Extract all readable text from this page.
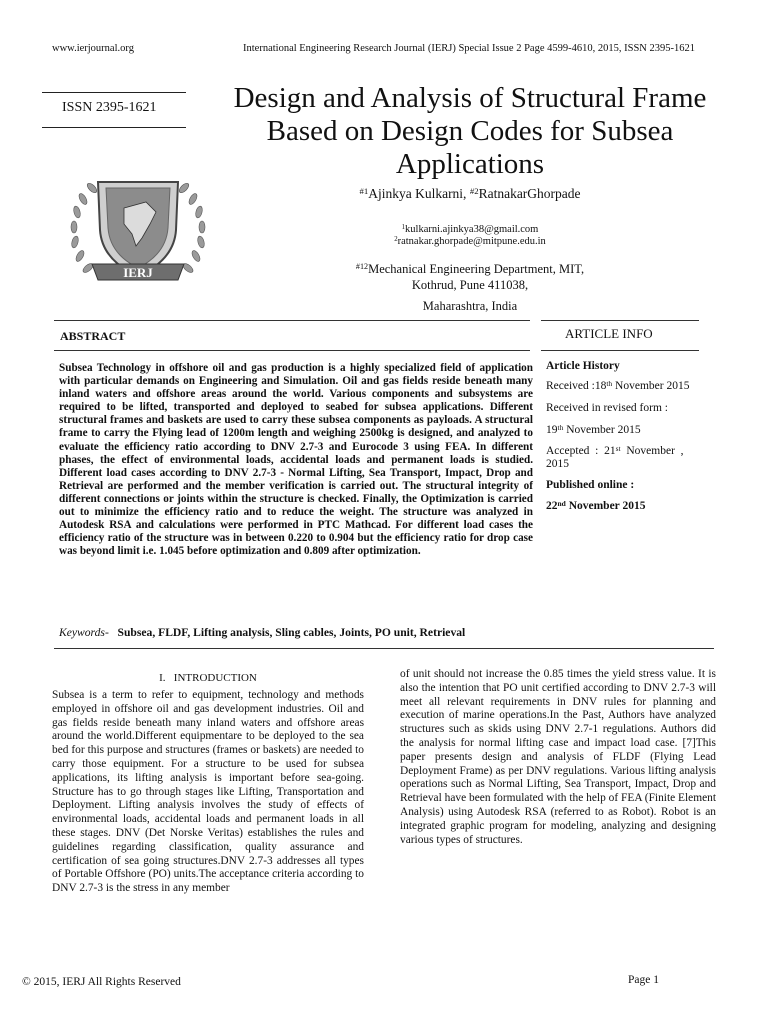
www.ierjournal.org	International Engineering Research Journal (IERJ) Special Issue 2 Page 4599-4610, 2015, ISSN 2395-1621
ISSN 2395-1621
IERJ
Design and Analysis of Structural Frame Based on Design Codes for Subsea Applications
$^{\#1}$Ajinkya Kulkarni, $^{\#2}$RatnakarGhorpade
$^1$kulkarni.ajinkya38@gmail.com
$^2$ratnakar.ghorpade@mitpune.edu.in
$^{\#12}$Mechanical Engineering Department, MIT,
Kothrud, Pune 411038,
Maharashtra, India
ABSTRACT	ARTICLE INFO
Subsea Technology in offshore oil and gas production is a highly specialized field of application with particular demands on Engineering and Simulation. Oil and gas fields reside beneath many inland waters and offshore areas around the world. Various components and subsystems are required to be lifted, transported and deployed to seabed for subsea applications. Different structural frames and baskets are used to carry these subsea components as payloads. A structural frame to carry the Flying lead of 1200m length and weighing 2500kg is designed, and analyzed to evaluate the efficiency ratio according to DNV 2.7-3 and Eurocode 3 using FEA. In different phases, the effect of environmental loads, accidental loads and permanent loads is studied. Different load cases according to DNV 2.7-3 - Normal Lifting, Sea Transport, Impact, Drop and Retrieval are performed and the member verification is carried out. The structural integrity of different connections or joints within the structure is checked. Finally, the Optimization is carried out to minimize the efficiency ratio and to reduce the weight. The structure was analyzed in Autodesk RSA and calculations were performed in PTC Mathcad. For different load cases the efficiency ratio of the structure was in between 0.220 to 0.904 but the efficiency ratio for drop case was beyond limit i.e. 1.045 before optimization and 0.809 after optimization.
Article History
Received :18th November 2015
Received in revised form :
19th November 2015
Accepted  :  21st  November  ,
2015
Published online :
22nd November 2015
Keywords- Subsea, FLDF, Lifting analysis, Sling cables, Joints, PO unit, Retrieval
I. INTRODUCTION
Subsea is a term to refer to equipment, technology and methods employed in offshore oil and gas development industries. Oil and gas fields reside beneath many inland waters and offshore areas around the world.Different equipmentare to be deployed to the sea bed for this purpose and structures (frames or baskets) are needed to carry those equipment. For a structure to be used for subsea applications, its lifting analysis is important before sea-going. Structure has to go through stages like Lifting, Transportation and Deployment. Lifting analysis involves the study of effects of environmental loads, accidental loads and permanent loads in all these stages. DNV (Det Norske Veritas) establishes the rules and guidelines regarding classification, quality assurance and certification of sea going structures.DNV 2.7-3 addresses all types of Portable Offshore (PO) units.The acceptance criteria according to DNV 2.7-3 is the stress in any member
of unit should not increase the 0.85 times the yield stress value. It is also the intention that PO unit certified according to DNV 2.7-3 will meet all relevant requirements in DNV rules for planning and execution of marine operations.In the Past, Authors have analyzed structures such as skids using DNV 2.7-1 regulations. Authors did the analysis for normal lifting case and impact load case. [7]This paper presents design and analysis of FLDF (Flying Lead Deployment Frame) as per DNV regulations. Various lifting analysis operations such as Normal Lifting, Sea Transport, Impact, Drop and Retrieval have been formulated with the help of FEA (Finite Element Analysis) using Autodesk RSA (referred to as Robot). Robot is an integrated graphic program for modeling, analyzing and designing various types of structures.
© 2015, IERJ All Rights Reserved	Page 1
